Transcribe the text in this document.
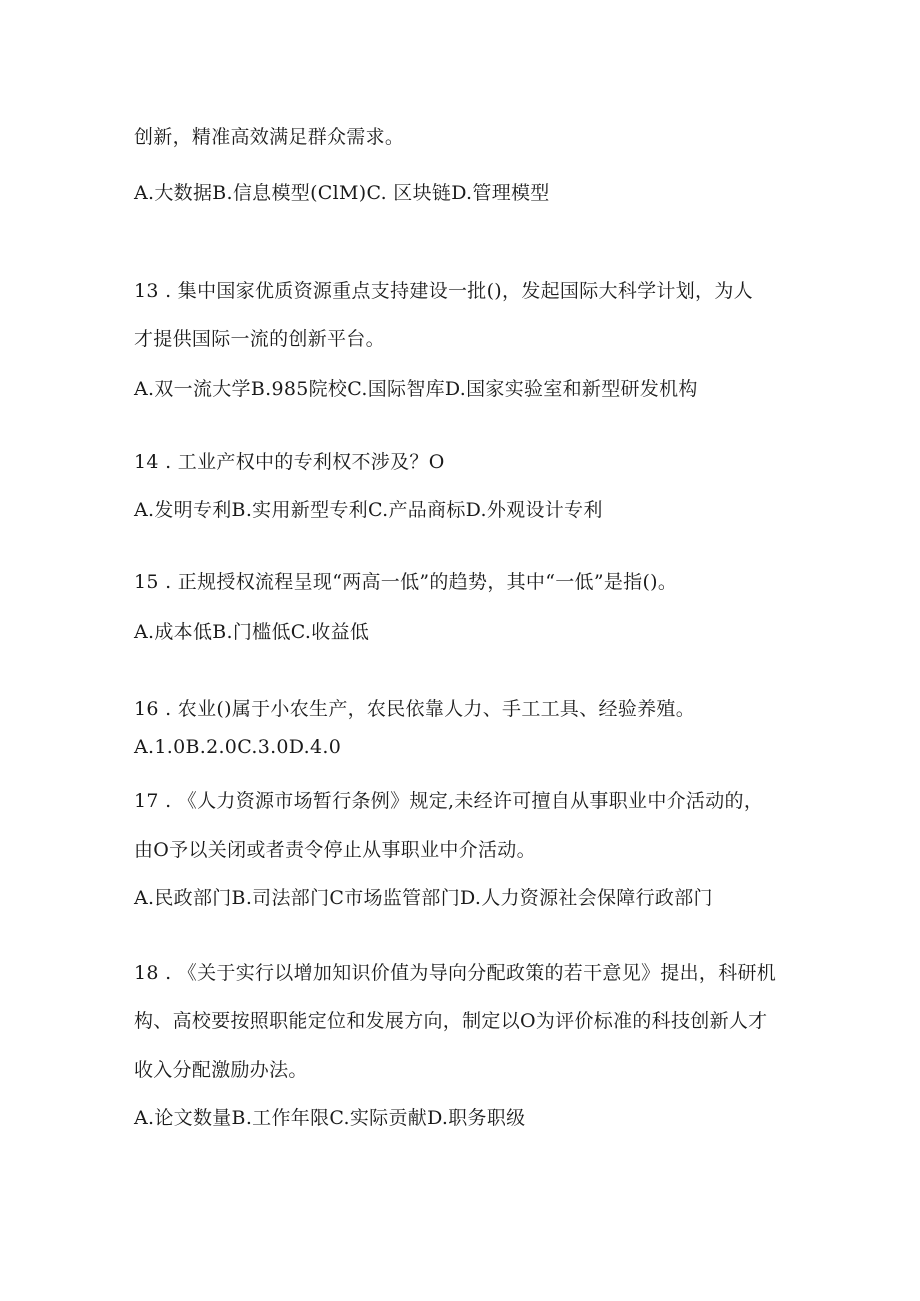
创新，精准高效满足群众需求。
A.大数据B.信息模型(ClM)C. 区块链D.管理模型
13 . 集中国家优质资源重点支持建设一批()，发起国际大科学计划，为人
才提供国际一流的创新平台。
A.双一流大学B.985院校C.国际智库D.国家实验室和新型研发机构
14 . 工业产权中的专利权不涉及？O
A.发明专利B.实用新型专利C.产品商标D.外观设计专利
15 . 正规授权流程呈现“两高一低”的趋势，其中“一低”是指()。
A.成本低B.门槛低C.收益低
16 . 农业()属于小农生产，农民依靠人力、手工工具、经验养殖。
A.1.0B.2.0C.3.0D.4.0
17 . 《人力资源市场暂行条例》规定,未经许可擅自从事职业中介活动的，
由O予以关闭或者责令停止从事职业中介活动。
A.民政部门B.司法部门C市场监管部门D.人力资源社会保障行政部门
18 . 《关于实行以增加知识价值为导向分配政策的若干意见》提出，科研机
构、高校要按照职能定位和发展方向，制定以O为评价标准的科技创新人才
收入分配激励办法。
A.论文数量B.工作年限C.实际贡献D.职务职级
